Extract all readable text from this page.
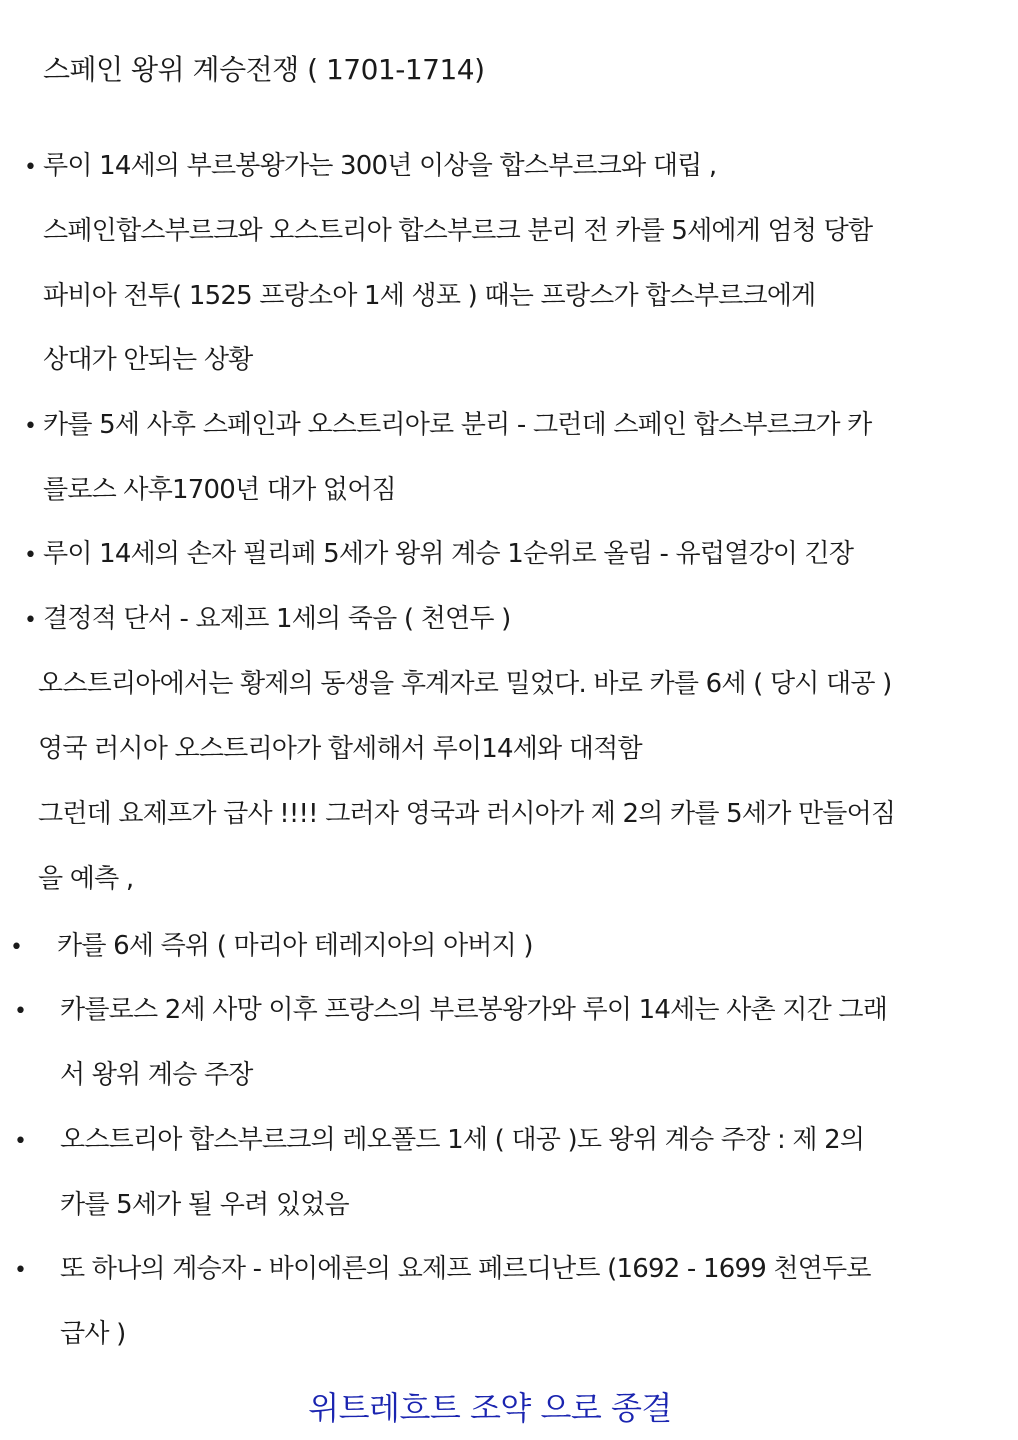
스페인 왕위 계승전쟁 ( 1701-1714)
• 루이 14세의 부르봉왕가는 300년 이상을 합스부르크와 대립 ,
스페인합스부르크와 오스트리아 합스부르크 분리 전 카를 5세에게 엄청 당함
파비아 전투( 1525 프랑소아 1세 생포 ) 때는 프랑스가 합스부르크에게
상대가 안되는 상황
• 카를 5세 사후 스페인과 오스트리아로 분리 - 그런데 스페인 합스부르크가 카
를로스 사후1700년 대가 없어짐
• 루이 14세의 손자 필리페 5세가 왕위 계승 1순위로 올림 - 유럽열강이 긴장
• 결정적 단서 - 요제프 1세의 죽음 ( 천연두 )
오스트리아에서는 황제의 동생을 후계자로 밀었다. 바로 카를 6세 ( 당시 대공 )
영국 러시아 오스트리아가 합세해서 루이14세와 대적함
그런데 요제프가 급사 !!!! 그러자 영국과 러시아가 제 2의 카를 5세가 만들어짐
을 예측 ,
• 카를 6세 즉위 ( 마리아 테레지아의 아버지 )
• 카를로스 2세 사망 이후 프랑스의 부르봉왕가와 루이 14세는 사촌 지간 그래
서 왕위 계승 주장
• 오스트리아 합스부르크의 레오폴드 1세 ( 대공 )도 왕위 계승 주장 : 제 2의
카를 5세가 될 우려 있었음
• 또 하나의 계승자 - 바이에른의 요제프 페르디난트 (1692 - 1699 천연두로
급사 )
위트레흐트 조약 으로 종결
